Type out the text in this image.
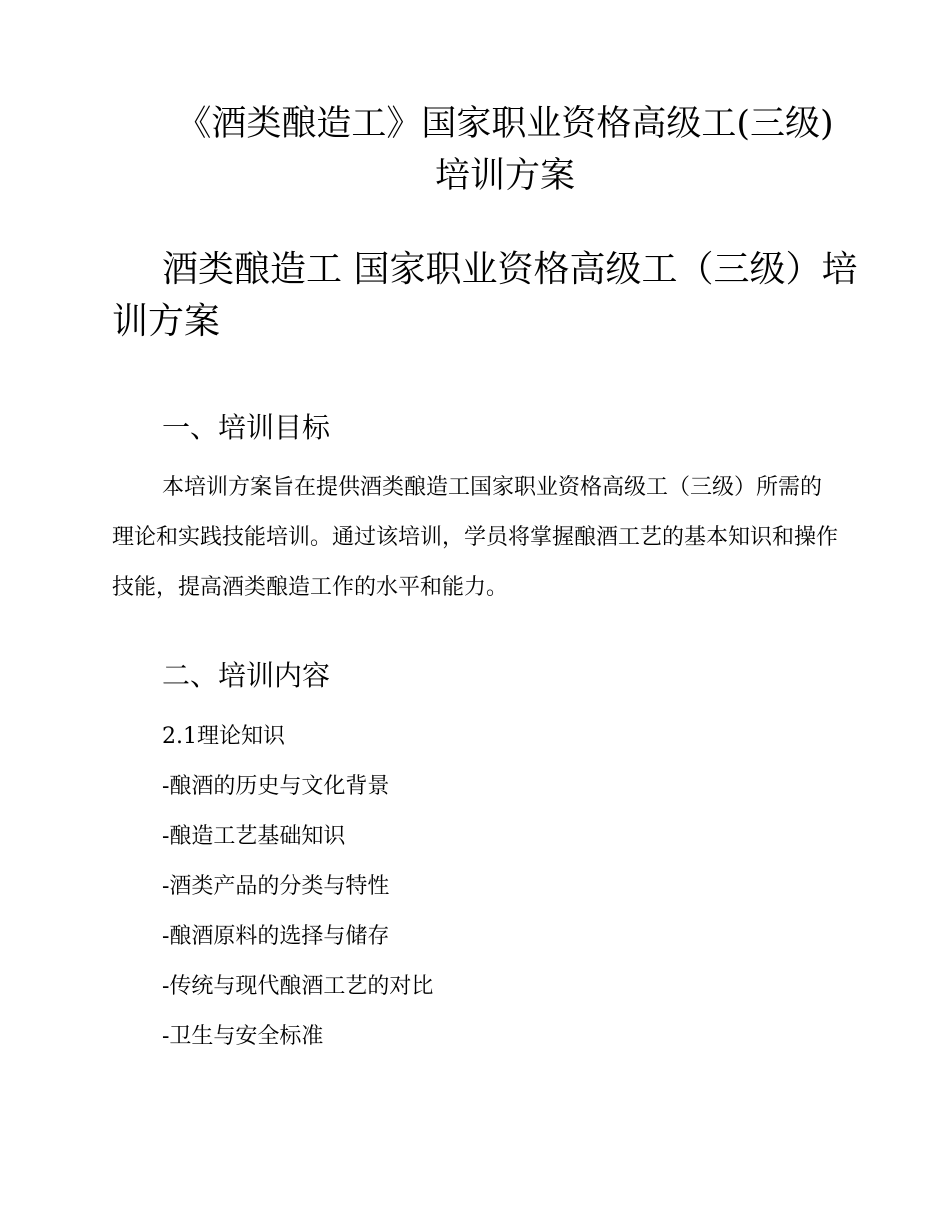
《酒类酿造工》国家职业资格高级工(三级)培训方案
酒类酿造工 国家职业资格高级工（三级）培训方案
一、培训目标

本培训方案旨在提供酒类酿造工国家职业资格高级工（三级）所需的理论和实践技能培训。通过该培训，学员将掌握酿酒工艺的基本知识和操作技能，提高酒类酿造工作的水平和能力。

二、培训内容
2.1理论知识
-酿酒的历史与文化背景
-酿造工艺基础知识
-酒类产品的分类与特性
-酿酒原料的选择与储存
-传统与现代酿酒工艺的对比
-卫生与安全标准
